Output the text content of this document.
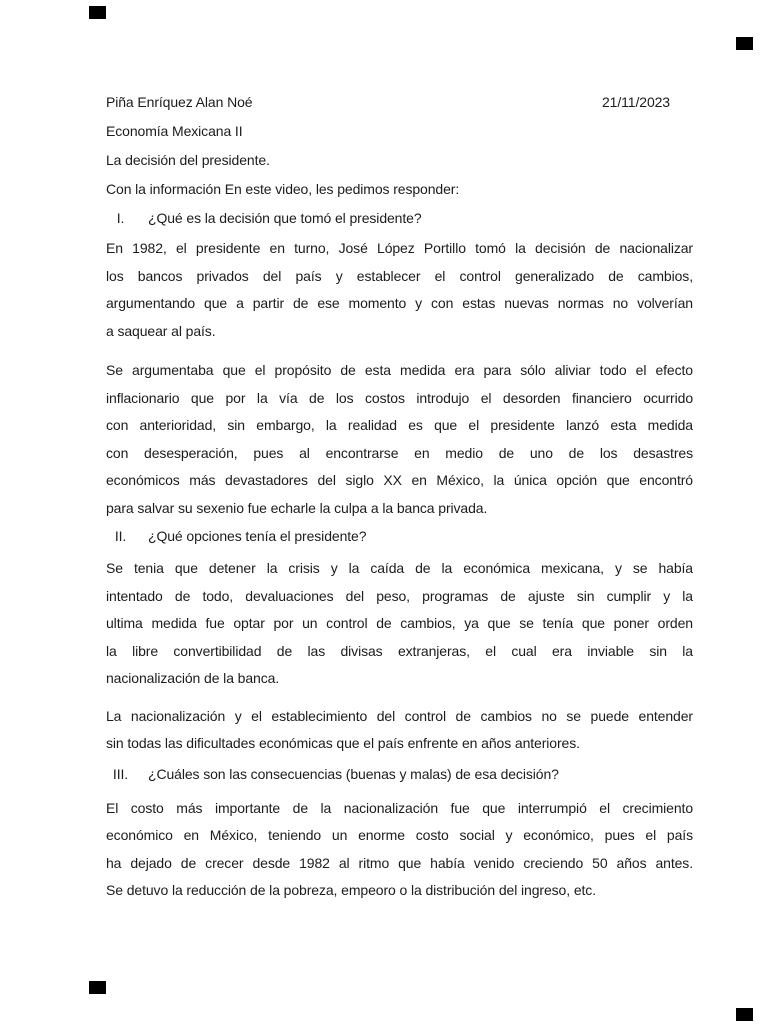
Piña Enríquez Alan Noé	21/11/2023
Economía Mexicana II
La decisión del presidente.
Con la información En este video, les pedimos responder:
I. ¿Qué es la decisión que tomó el presidente?
En 1982, el presidente en turno, José López Portillo tomó la decisión de nacionalizar
los bancos privados del país y establecer el control generalizado de cambios,
argumentando que a partir de ese momento y con estas nuevas normas no volverían
a saquear al país.
Se argumentaba que el propósito de esta medida era para sólo aliviar todo el efecto
inflacionario que por la vía de los costos introdujo el desorden financiero ocurrido
con anterioridad, sin embargo, la realidad es que el presidente lanzó esta medida
con desesperación, pues al encontrarse en medio de uno de los desastres
económicos más devastadores del siglo XX en México, la única opción que encontró
para salvar su sexenio fue echarle la culpa a la banca privada.
II. ¿Qué opciones tenía el presidente?
Se tenia que detener la crisis y la caída de la económica mexicana, y se había
intentado de todo, devaluaciones del peso, programas de ajuste sin cumplir y la
ultima medida fue optar por un control de cambios, ya que se tenía que poner orden
la libre convertibilidad de las divisas extranjeras, el cual era inviable sin la
nacionalización de la banca.
La nacionalización y el establecimiento del control de cambios no se puede entender
sin todas las dificultades económicas que el país enfrente en años anteriores.
III. ¿Cuáles son las consecuencias (buenas y malas) de esa decisión?
El costo más importante de la nacionalización fue que interrumpió el crecimiento
económico en México, teniendo un enorme costo social y económico, pues el país
ha dejado de crecer desde 1982 al ritmo que había venido creciendo 50 años antes.
Se detuvo la reducción de la pobreza, empeoro o la distribución del ingreso, etc.
